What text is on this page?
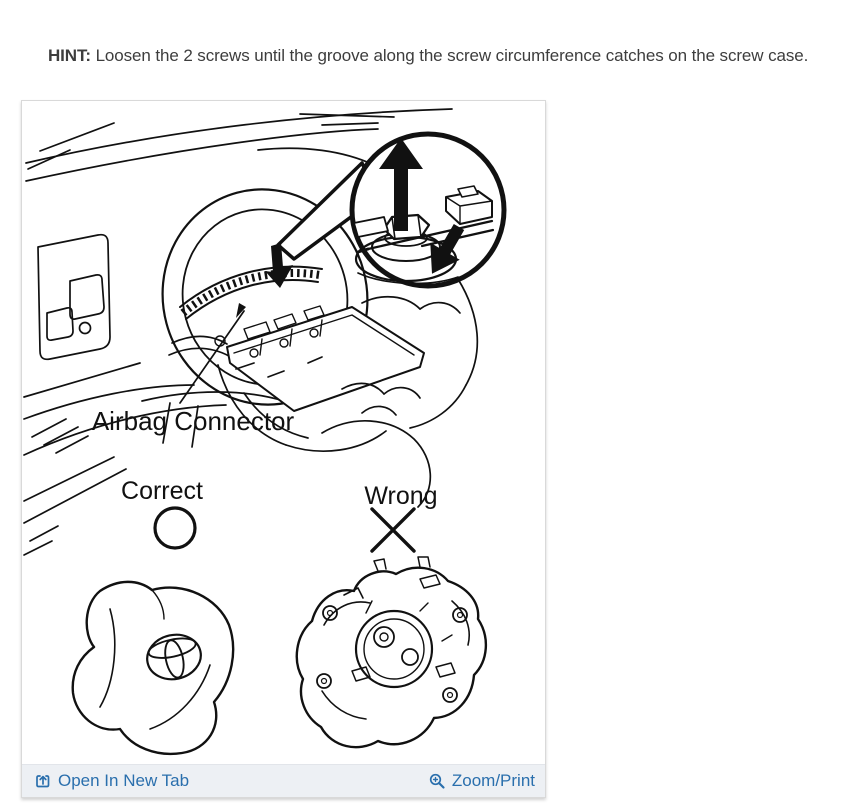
HINT: Loosen the 2 screws until the groove along the screw circumference catches on the screw case.

Airbag Connector
Correct	Wrong
Open In New Tab	Zoom/Print
